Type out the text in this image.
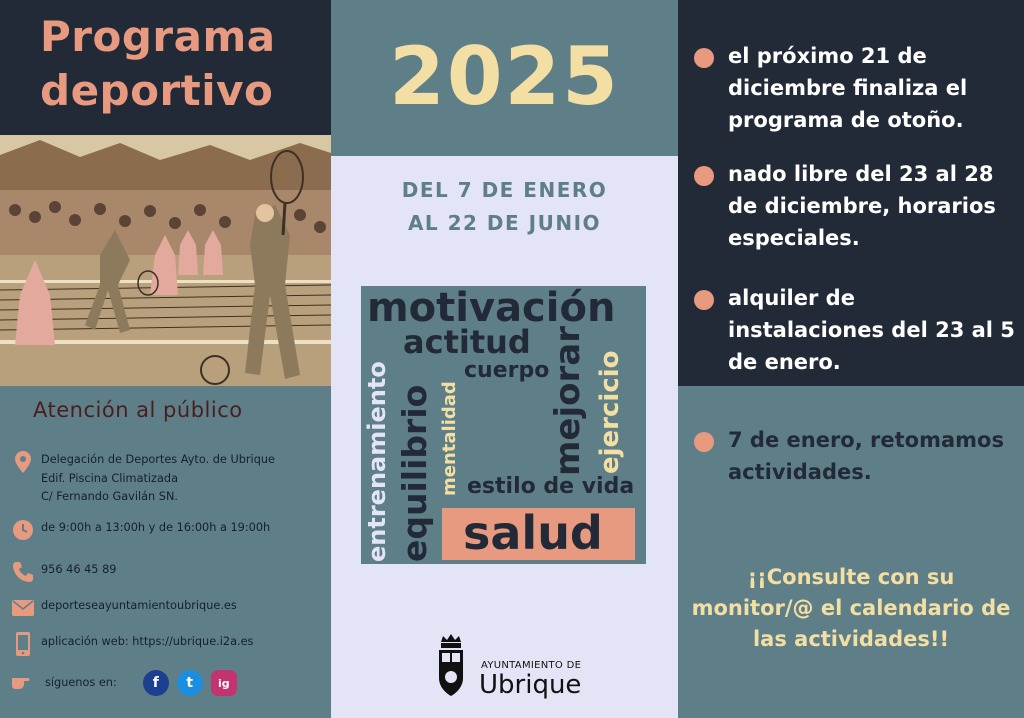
Programa
deportivo
Atención al público
Delegación de Deportes Ayto. de Ubrique
Edif. Piscina Climatizada
C/ Fernando Gavilán SN.
de 9:00h a 13:00h y de 16:00h a 19:00h
956 46 45 89
deporteseayuntamientoubrique.es
aplicación web: https://ubrique.i2a.es
síguenos en:	f	t	ig
2025
DEL 7 DE ENERO
AL 22 DE JUNIO
motivación
actitud
cuerpo
mentalidad	mejorar ejercicio
entrenamiento equilibrio estilo de vida
salud
AYUNTAMIENTO DE
Ubrique
el próximo 21 de diciembre finaliza el programa de otoño.
nado libre del 23 al 28 de diciembre, horarios especiales.
alquiler de instalaciones del 23 al 5 de enero.
7 de enero, retomamos actividades.
¡¡Consulte con su monitor/@ el calendario de las actividades!!
